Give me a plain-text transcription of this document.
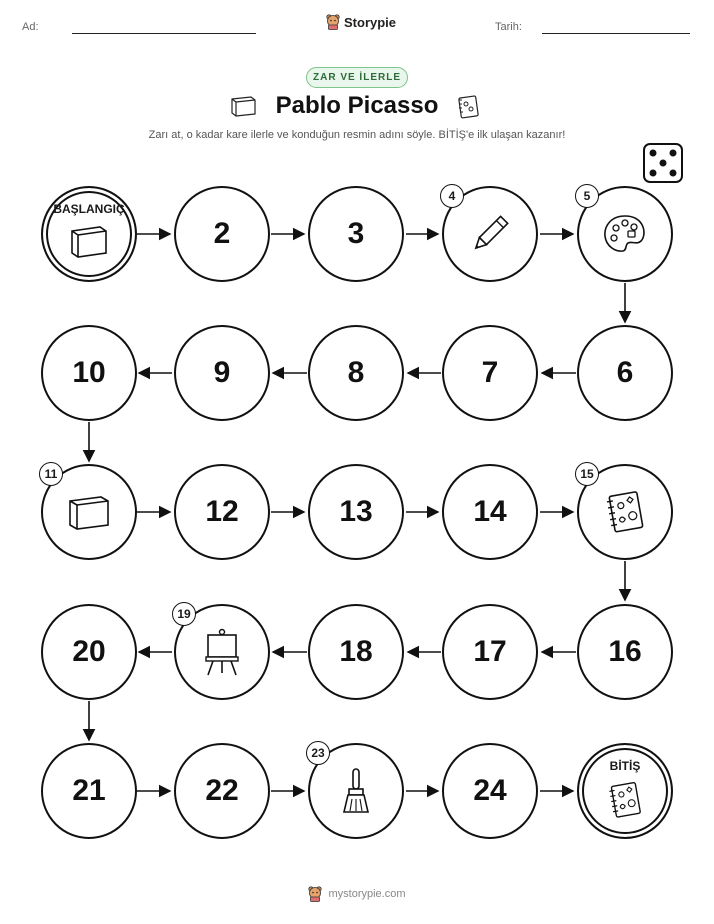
Ad:	Storypie	Tarih:
ZAR VE İLERLE
Pablo Picasso
Zarı at, o kadar kare ilerle ve konduğun resmin adını söyle. BİTİŞ'e ilk ulaşan kazanır!
BAŞLANGIÇ
2	3
4	5
10	9	8	7	6
11
12	13	14
15
20
19
18	17	16
21	22
23
24
BİTİŞ
mystorypie.com
